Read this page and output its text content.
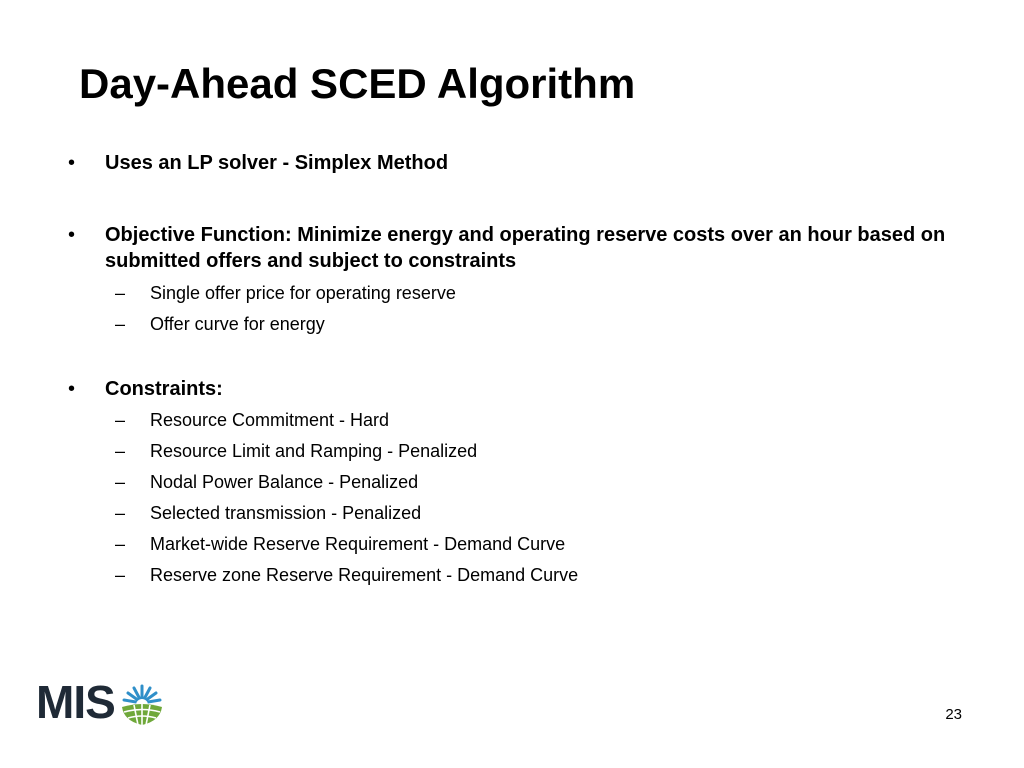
Day-Ahead SCED Algorithm
• Uses an LP solver - Simplex Method
• Objective Function: Minimize energy and operating reserve costs over an hour based on submitted offers and subject to constraints
– Single offer price for operating reserve
– Offer curve for energy
• Constraints:
– Resource Commitment - Hard
– Resource Limit and Ramping - Penalized
– Nodal Power Balance - Penalized
– Selected transmission - Penalized
– Market-wide Reserve Requirement - Demand Curve
– Reserve zone Reserve Requirement - Demand Curve
MIS	23
